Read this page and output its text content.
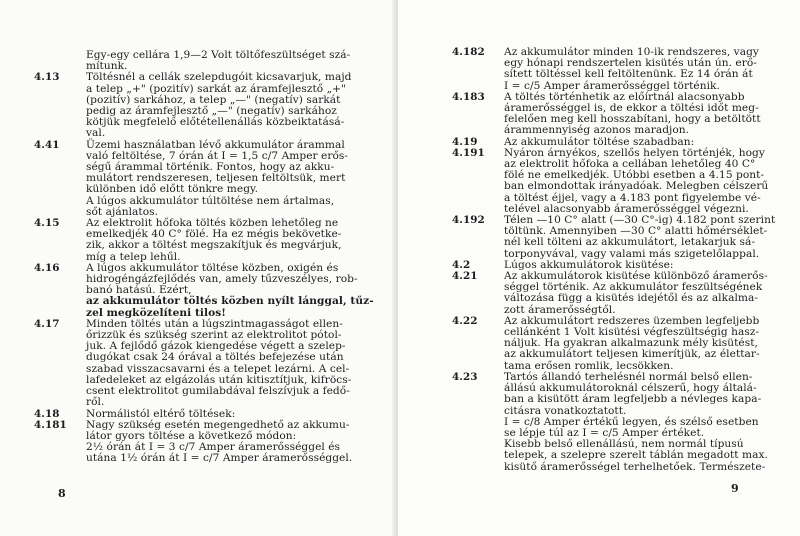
Egy-egy cellára 1,9—2 Volt töltőfeszültséget szá-
mítunk.
4.13	Töltésnél a cellák szelepdugóit kicsavarjuk, majd
a telep „+" (pozitív) sarkát az áramfejlesztő „+"
(pozitív) sarkához, a telep „—" (negatív) sarkát
pedig az áramfejlesztő „—" (negatív) sarkához
kötjük megfelelő előtétellenállás közbeiktatásá-
val.
4.41	Üzemi használatban lévő akkumulátor árammal
való feltöltése, 7 órán át I = 1,5 c/7 Amper erős-
ségű árammal történik. Fontos, hogy az akku-
mulátort rendszeresen, teljesen feltöltsük, mert
különben idő előtt tönkre megy.
A lúgos akkumulátor túltöltése nem ártalmas,
sőt ajánlatos.
4.15	Az elektrolit hőfoka töltés közben lehetőleg ne
emelkedjék 40 C° fölé. Ha ez mégis bekövetke-
zik, akkor a töltést megszakítjuk és megvárjuk,
míg a telep lehűl.
4.16	A lúgos akkumulátor töltése közben, oxigén és
hidrogéngázfejlődés van, amely tűzveszélyes, rob-
banó hatású. Ezért,
az akkumulátor töltés közben nyílt lánggal, tűz-
zel megközelíteni tilos!
4.17	Minden töltés után a lúgszintmagasságot ellen-
őrizzük és szükség szerint az elektrolitot pótol-
juk. A fejlődő gázok kiengedése végett a szelep-
dugókat csak 24 órával a töltés befejezése után
szabad visszacsavarni és a telepet lezárni. A cel-
lafedeleket az elgázolás után kitisztítjuk, kifröcs-
csent elektrolitot gumilabdával felszívjuk a fedő-
ről.
4.18	Normálistól eltérő töltések:
4.181	Nagy szükség esetén megengedhető az akkumu-
látor gyors töltése a következő módon:
2½ órán át I = 3 c/7 Amper áramerősséggel és
utána 1½ órán át I = c/7 Amper áramerősséggel.
8
4.182	Az akkumulátor minden 10-ik rendszeres, vagy
egy hónapi rendszertelen kisütés után ún. erő-
sített töltéssel kell feltöltenünk. Ez 14 órán át
I = c/5 Amper áramerősséggel történik.
4.183	A töltés történhetik az előírtnál alacsonyabb
áramerősséggel is, de ekkor a töltési időt meg-
felelően meg kell hosszabítani, hogy a betöltött
árammennyiség azonos maradjon.
4.19	Az akkumulátor töltése szabadban:
4.191	Nyáron árnyékos, szellős helyen történjék, hogy
az elektrolit hőfoka a cellában lehetőleg 40 C°
fölé ne emelkedjék. Utóbbi esetben a 4.15 pont-
ban elmondottak irányadóak. Melegben célszerű
a töltést éjjel, vagy a 4.183 pont figyelembe vé-
telével alacsonyabb áramerősséggel végezni.
4.192	Télen —10 C° alatt (—30 C°-ig) 4.182 pont szerint
töltünk. Amennyiben —30 C° alatti hőmérséklet-
nél kell tölteni az akkumulátort, letakarjuk sá-
torponyvával, vagy valami más szigetelőlappal.
4.2	Lúgos akkumulátorok kisütése:
4.21	Az akkumulátorok kisütése különböző áramerős-
séggel történik. Az akkumulátor feszültségének
változása függ a kisütés idejétől és az alkalma-
zott áramerősségtől.
4.22	Az akkumulátort redszeres üzemben legfeljebb
cellánként 1 Volt kisütési végfeszültségig hasz-
náljuk. Ha gyakran alkalmazunk mély kisütést,
az akkumulátort teljesen kimerítjük, az élettar-
tama erősen romlik, lecsökken.
4.23	Tartós állandó terhelésnél normál belső ellen-
állású akkumulátoroknál célszerű, hogy általá-
ban a kisütött áram legfeljebb a névleges kapa-
citásra vonatkoztatott.
I = c/8 Amper értékű legyen, és szélső esetben
se lépje túl az I = c/5 Amper értéket.
Kisebb belső ellenállású, nem normál típusú
telepek, a szelepre szerelt táblán megadott max.
kisütő áramerősségel terhelhetőek. Természete-
9
